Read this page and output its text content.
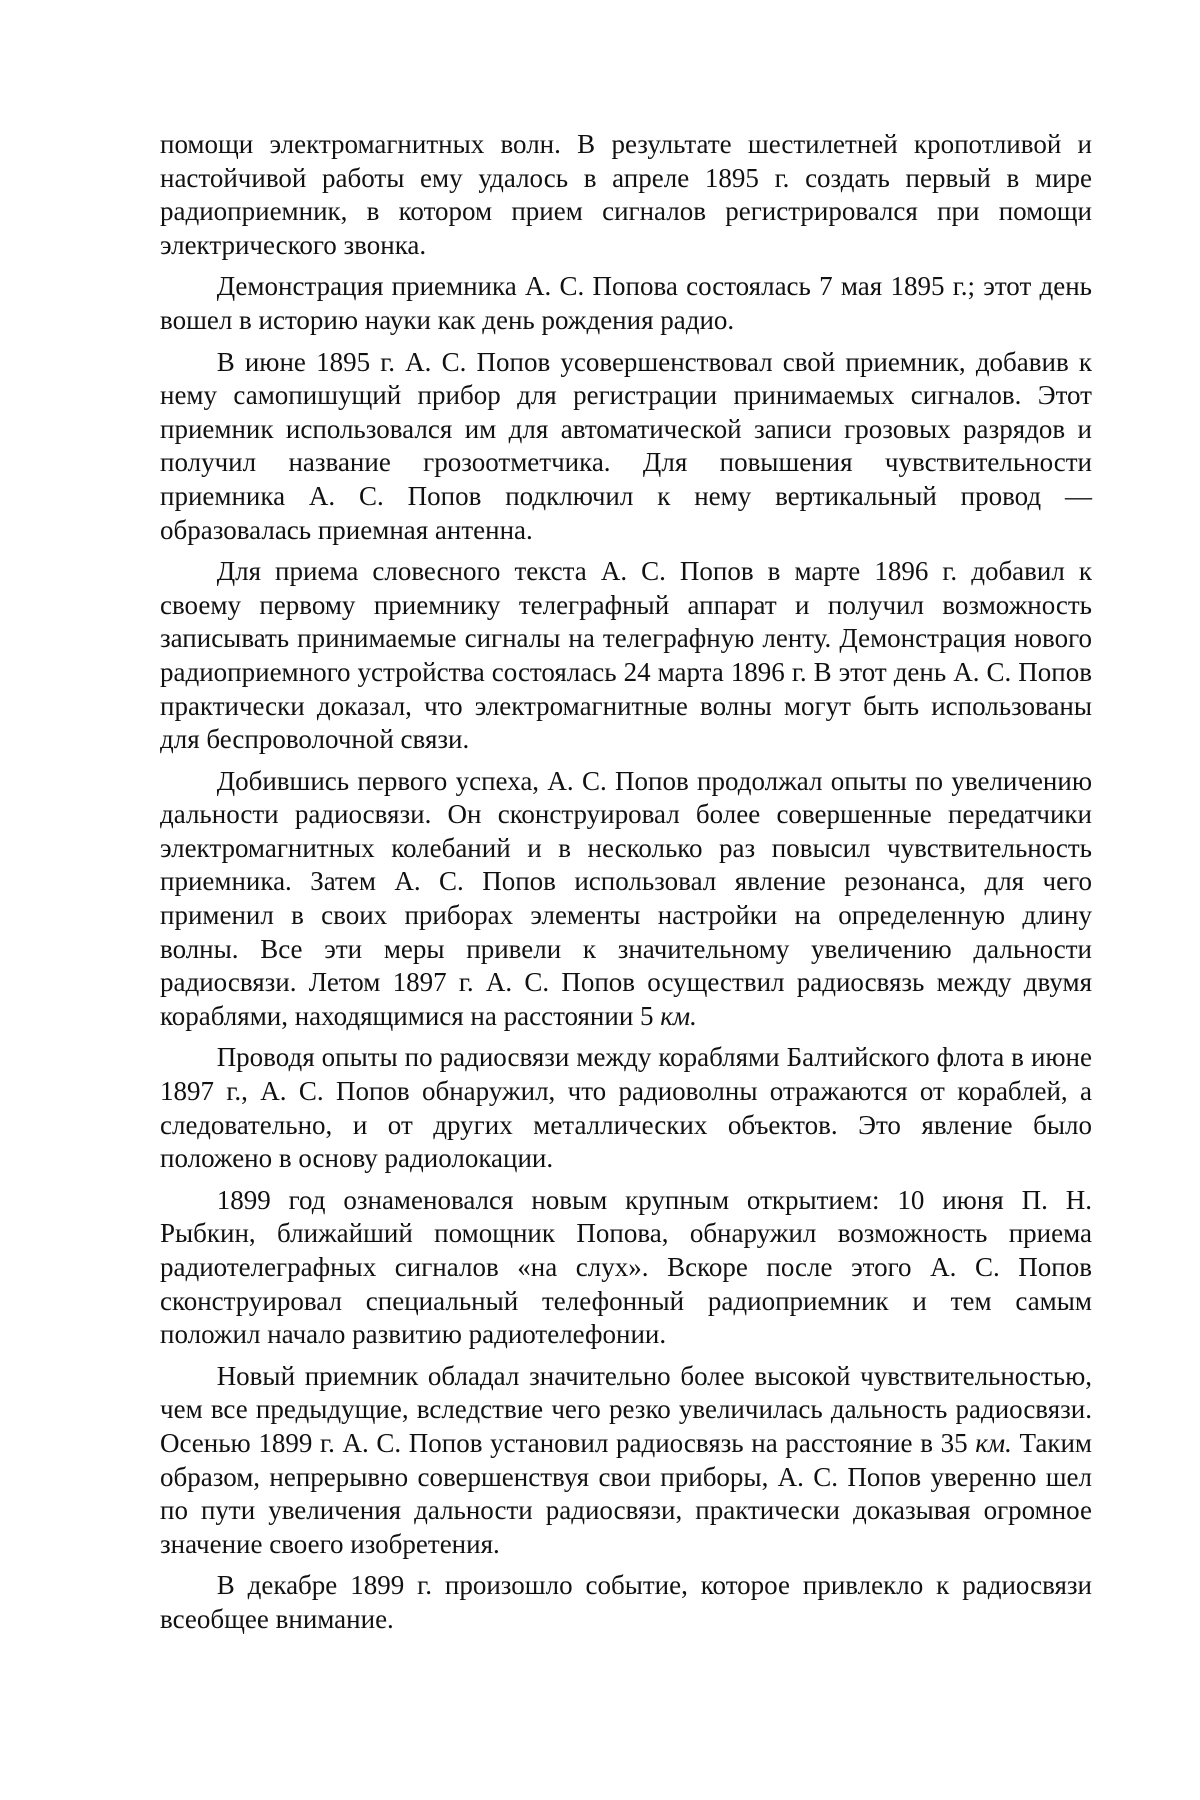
помощи электромагнитных волн. В результате шестилетней кропотливой и настойчивой работы ему удалось в апреле 1895 г. создать первый в мире радиоприемник, в котором прием сигналов регистрировался при помощи электрического звонка.

Демонстрация приемника А. С. Попова состоялась 7 мая 1895 г.; этот день вошел в историю науки как день рождения радио.

В июне 1895 г. А. С. Попов усовершенствовал свой приемник, добавив к нему самопишущий прибор для регистрации принимаемых сигналов. Этот приемник использовался им для автоматической записи грозовых разрядов и получил название грозоотметчика. Для повышения чувствительности приемника А. С. Попов подключил к нему вертикальный провод — образовалась приемная антенна.

Для приема словесного текста А. С. Попов в марте 1896 г. добавил к своему первому приемнику телеграфный аппарат и получил возможность записывать принимаемые сигналы на телеграфную ленту. Демонстрация нового радиоприемного устройства состоялась 24 марта 1896 г. В этот день А. С. Попов практически доказал, что электромагнитные волны могут быть использованы для беспроволочной связи.

Добившись первого успеха, А. С. Попов продолжал опыты по увеличению дальности радиосвязи. Он сконструировал более совершенные передатчики электромагнитных колебаний и в несколько раз повысил чувствительность приемника. Затем А. С. Попов использовал явление резонанса, для чего применил в своих приборах элементы настройки на определенную длину волны. Все эти меры привели к значительному увеличению дальности радиосвязи. Летом 1897 г. А. С. Попов осуществил радиосвязь между двумя кораблями, находящимися на расстоянии 5 км.

Проводя опыты по радиосвязи между кораблями Балтийского флота в июне 1897 г., А. С. Попов обнаружил, что радиоволны отражаются от кораблей, а следовательно, и от других металлических объектов. Это явление было положено в основу радиолокации.

1899 год ознаменовался новым крупным открытием: 10 июня П. Н. Рыбкин, ближайший помощник Попова, обнаружил возможность приема радиотелеграфных сигналов «на слух». Вскоре после этого А. С. Попов сконструировал специальный телефонный радиоприемник и тем самым положил начало развитию радиотелефонии.

Новый приемник обладал значительно более высокой чувствительностью, чем все предыдущие, вследствие чего резко увеличилась дальность радиосвязи. Осенью 1899 г. А. С. Попов установил радиосвязь на расстояние в 35 км. Таким образом, непрерывно совершенствуя свои приборы, А. С. Попов уверенно шел по пути увеличения дальности радиосвязи, практически доказывая огромное значение своего изобретения.

В декабре 1899 г. произошло событие, которое привлекло к радиосвязи всеобщее внимание.
